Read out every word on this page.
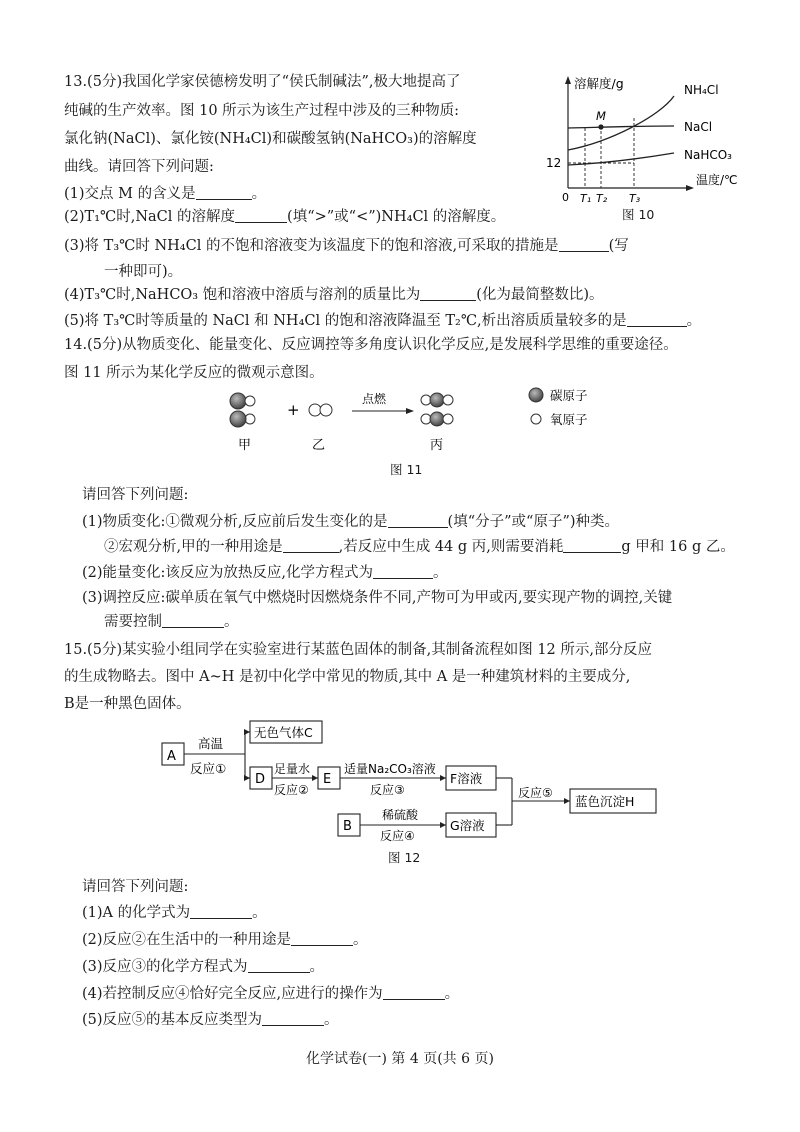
13.(5分)我国化学家侯德榜发明了“侯氏制碱法”,极大地提高了
纯碱的生产效率。图 10 所示为该生产过程中涉及的三种物质:
氯化钠(NaCl)、氯化铵(NH₄Cl)和碳酸氢钠(NaHCO₃)的溶解度
曲线。请回答下列问题:
(1)交点 M 的含义是	。
(2)T₁℃时,NaCl 的溶解度	(填“>”或“<”)NH₄Cl 的溶解度。
(3)将 T₃℃时 NH₄Cl 的不饱和溶液变为该温度下的饱和溶液,可采取的措施是	(写
一种即可)。
(4)T₃℃时,NaHCO₃ 饱和溶液中溶质与溶剂的质量比为	(化为最简整数比)。
(5)将 T₃℃时等质量的 NaCl 和 NH₄Cl 的饱和溶液降温至 T₂℃,析出溶质质量较多的是	。
溶解度/g
温度/℃
12
0 T₁ T₂ T₃
M
NH₄Cl
NaCl
NaHCO₃
图 10
14.(5分)从物质变化、能量变化、反应调控等多角度认识化学反应,是发展科学思维的重要途径。
图 11 所示为某化学反应的微观示意图。
+
点燃
甲	乙	丙
碳原子
氧原子
图 11
请回答下列问题:
(1)物质变化:①微观分析,反应前后发生变化的是	(填“分子”或“原子”)种类。
②宏观分析,甲的一种用途是	,若反应中生成 44 g 丙,则需要消耗	g 甲和 16 g 乙。
(2)能量变化:该反应为放热反应,化学方程式为	。
(3)调控反应:碳单质在氧气中燃烧时因燃烧条件不同,产物可为甲或丙,要实现产物的调控,关键
需要控制	。
15.(5分)某实验小组同学在实验室进行某蓝色固体的制备,其制备流程如图 12 所示,部分反应
的生成物略去。图中 A~H 是初中化学中常见的物质,其中 A 是一种建筑材料的主要成分,
B是一种黑色固体。
A
高温
反应①
无色气体C
D
足量水
反应②
E
适量Na₂CO₃溶液
反应③
F溶液
B
稀硫酸
反应④
G溶液
反应⑤
蓝色沉淀H
图 12
请回答下列问题:
(1)A 的化学式为	。
(2)反应②在生活中的一种用途是	。
(3)反应③的化学方程式为	。
(4)若控制反应④恰好完全反应,应进行的操作为	。
(5)反应⑤的基本反应类型为	。
化学试卷(一) 第 4 页(共 6 页)
